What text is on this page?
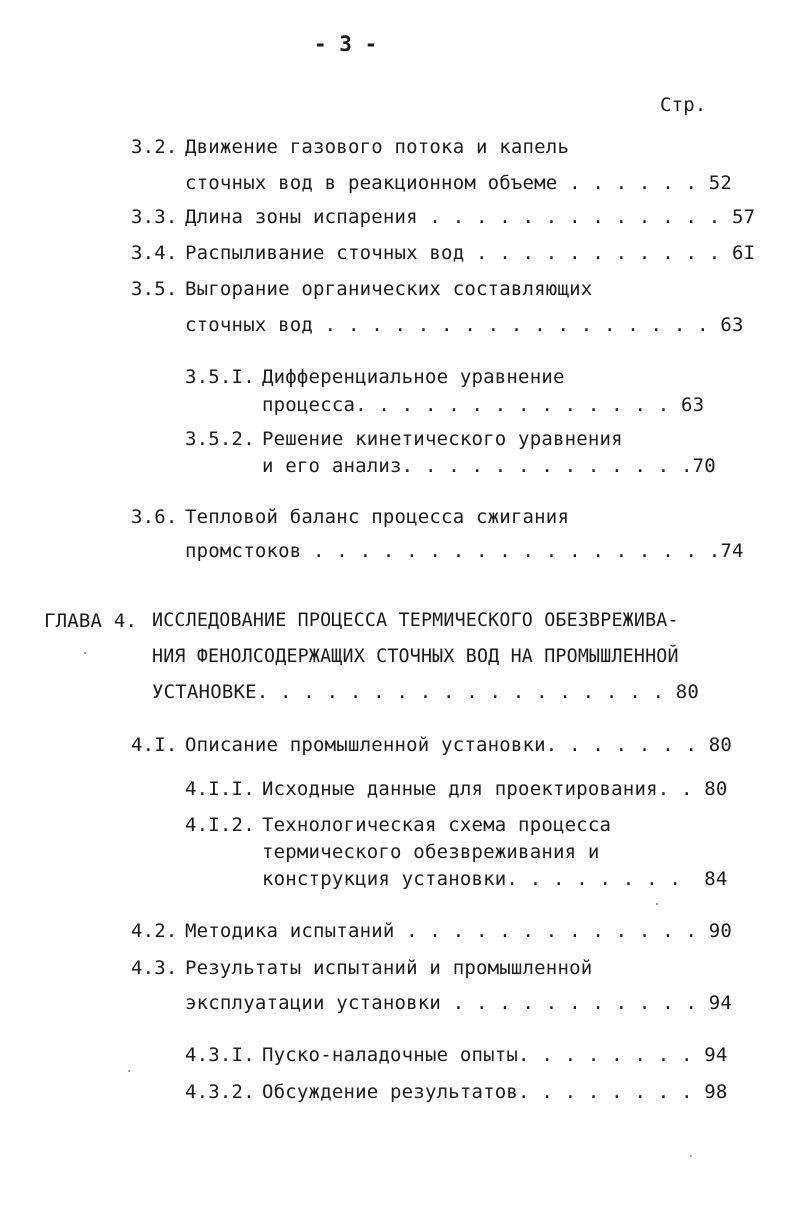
- 3 -
Стр.
3.2. Движение газового потока и капель
сточных вод в реакционном объеме . . . . . . 52
3.3. Длина зоны испарения . . . . . . . . . . . . . 57
3.4. Распыливание сточных вод . . . . . . . . . . . 6I
3.5. Выгорание органических составляющих
сточных вод . . . . . . . . . . . . . . . . . 63
3.5.I. Дифференциальное уравнение
процесса. . . . . . . . . . . . . . 63
3.5.2. Решение кинетического уравнения
и его анализ. . . . . . . . . . . . .70
3.6. Тепловой баланс процесса сжигания
промстоков . . . . . . . . . . . . . . . . . .74
ГЛАВА 4. ИССЛЕДОВАНИЕ ПРОЦЕССА ТЕРМИЧЕСКОГО ОБЕЗВРЕЖИВА-
НИЯ ФЕНОЛСОДЕРЖАЩИХ СТОЧНЫХ ВОД НА ПРОМЫШЛЕННОЙ
УСТАНОВКЕ. . . . . . . . . . . . . . . . . . 80
4.I. Описание промышленной установки. . . . . . . 80
4.I.I. Исходные данные для проектирования. . 80
4.I.2. Технологическая схема процесса
термического обезвреживания и
конструкция установки. . . . . . . .  84
4.2. Методика испытаний . . . . . . . . . . . . . 90
4.3. Результаты испытаний и промышленной
эксплуатации установки . . . . . . . . . . . 94
4.3.I. Пуско-наладочные опыты. . . . . . . . 94
4.3.2. Обсуждение результатов. . . . . . . . 98
